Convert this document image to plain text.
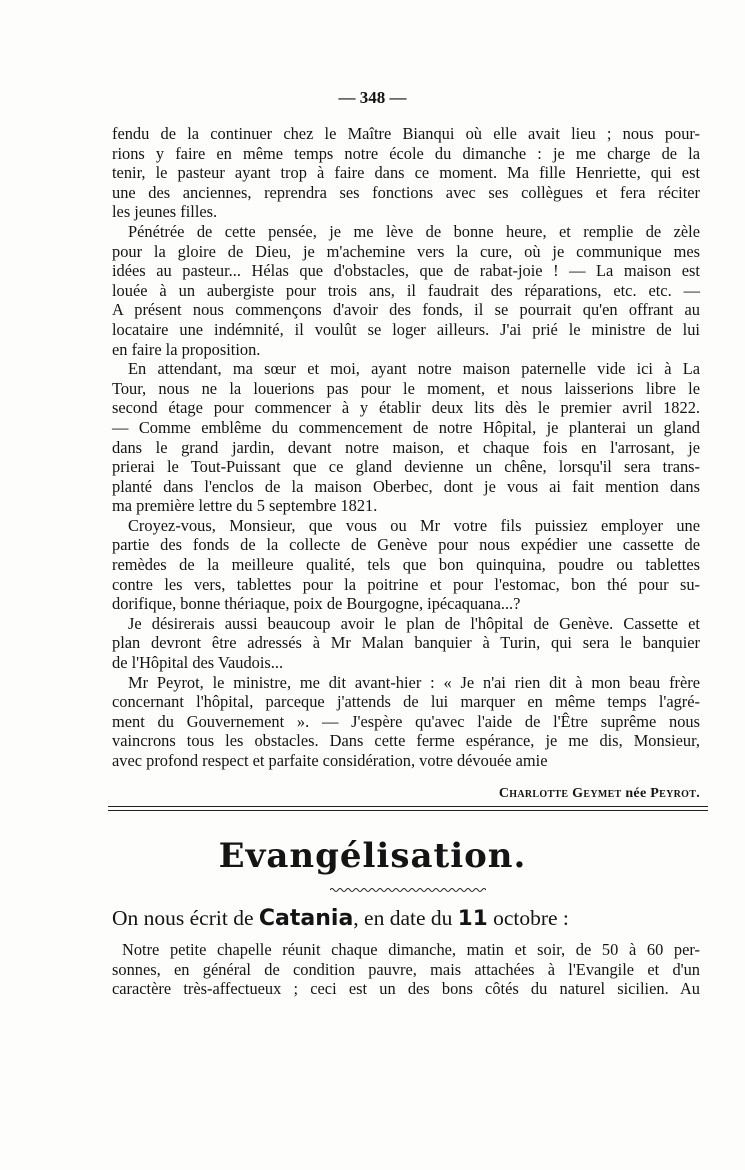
— 348 —

fendu de la continuer chez le Maître Bianqui où elle avait lieu ; nous pour-
rions y faire en même temps notre école du dimanche : je me charge de la
tenir, le pasteur ayant trop à faire dans ce moment. Ma fille Henriette, qui est
une des anciennes, reprendra ses fonctions avec ses collègues et fera réciter
les jeunes filles.

Pénétrée de cette pensée, je me lève de bonne heure, et remplie de zèle
pour la gloire de Dieu, je m'achemine vers la cure, où je communique mes
idées au pasteur... Hélas que d'obstacles, que de rabat-joie ! — La maison est
louée à un aubergiste pour trois ans, il faudrait des réparations, etc. etc. —
A présent nous commençons d'avoir des fonds, il se pourrait qu'en offrant au
locataire une indémnité, il voulût se loger ailleurs. J'ai prié le ministre de lui
en faire la proposition.

En attendant, ma sœur et moi, ayant notre maison paternelle vide ici à La
Tour, nous ne la louerions pas pour le moment, et nous laisserions libre le
second étage pour commencer à y établir deux lits dès le premier avril 1822.
— Comme emblême du commencement de notre Hôpital, je planterai un gland
dans le grand jardin, devant notre maison, et chaque fois en l'arrosant, je
prierai le Tout-Puissant que ce gland devienne un chêne, lorsqu'il sera trans-
planté dans l'enclos de la maison Oberbec, dont je vous ai fait mention dans
ma première lettre du 5 septembre 1821.

Croyez-vous, Monsieur, que vous ou Mr votre fils puissiez employer une
partie des fonds de la collecte de Genève pour nous expédier une cassette de
remèdes de la meilleure qualité, tels que bon quinquina, poudre ou tablettes
contre les vers, tablettes pour la poitrine et pour l'estomac, bon thé pour su-
dorifique, bonne thériaque, poix de Bourgogne, ipécaquana...?

Je désirerais aussi beaucoup avoir le plan de l'hôpital de Genève. Cassette et
plan devront être adressés à Mr Malan banquier à Turin, qui sera le banquier
de l'Hôpital des Vaudois...

Mr Peyrot, le ministre, me dit avant-hier : « Je n'ai rien dit à mon beau frère
concernant l'hôpital, parceque j'attends de lui marquer en même temps l'agré-
ment du Gouvernement ». — J'espère qu'avec l'aide de l'Être suprême nous
vaincrons tous les obstacles. Dans cette ferme espérance, je me dis, Monsieur,
avec profond respect et parfaite considération, votre dévouée amie

Charlotte Geymet née Peyrot.
Evangélisation.
On nous écrit de Catania, en date du 11 octobre :
Notre petite chapelle réunit chaque dimanche, matin et soir, de 50 à 60 per-
sonnes, en général de condition pauvre, mais attachées à l'Evangile et d'un
caractère très-affectueux ; ceci est un des bons côtés du naturel sicilien. Au
